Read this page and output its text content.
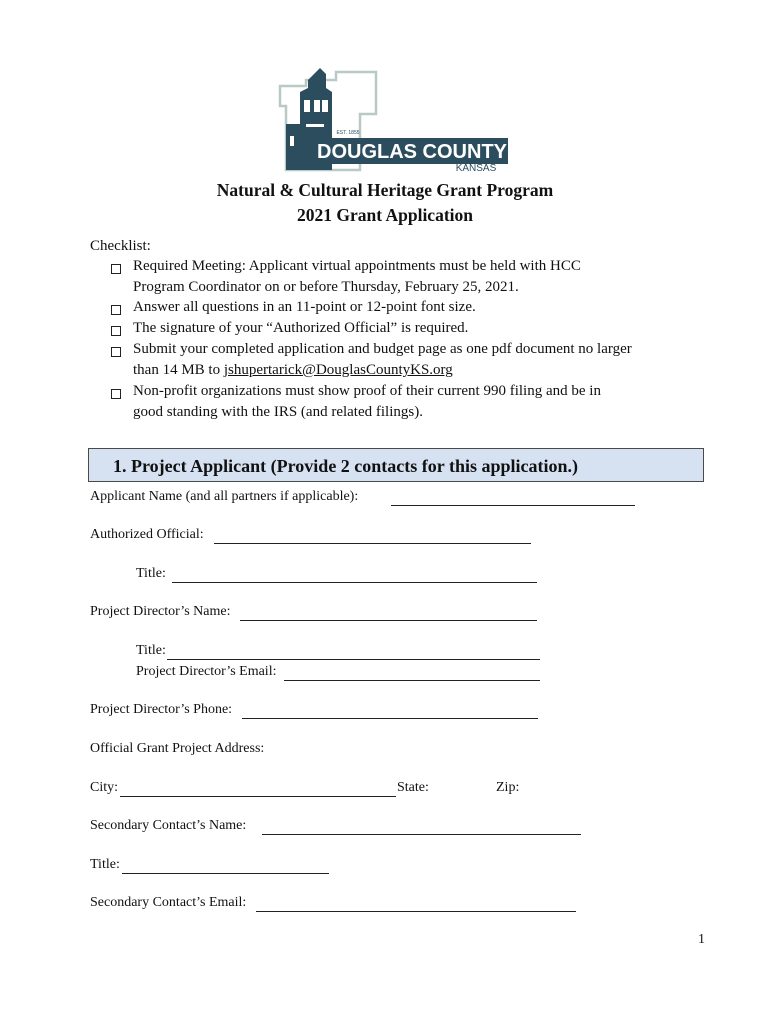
DOUGLAS COUNTY
KANSAS
EST. 1855
Natural & Cultural Heritage Grant Program
2021 Grant Application
Checklist:
Required Meeting: Applicant virtual appointments must be held with HCC
Program Coordinator on or before Thursday, February 25, 2021.
Answer all questions in an 11-point or 12-point font size.
The signature of your “Authorized Official” is required.
Submit your completed application and budget page as one pdf document no larger
than 14 MB to jshupertarick@DouglasCountyKS.org
Non-profit organizations must show proof of their current 990 filing and be in
good standing with the IRS (and related filings).
1. Project Applicant (Provide 2 contacts for this application.)
Applicant Name (and all partners if applicable):
Authorized Official:
Title:
Project Director’s Name:
Title:
Project Director’s Email:
Project Director’s Phone:
Official Grant Project Address:
City:	State:	Zip:
Secondary Contact’s Name:
Title:
Secondary Contact’s Email:
1
